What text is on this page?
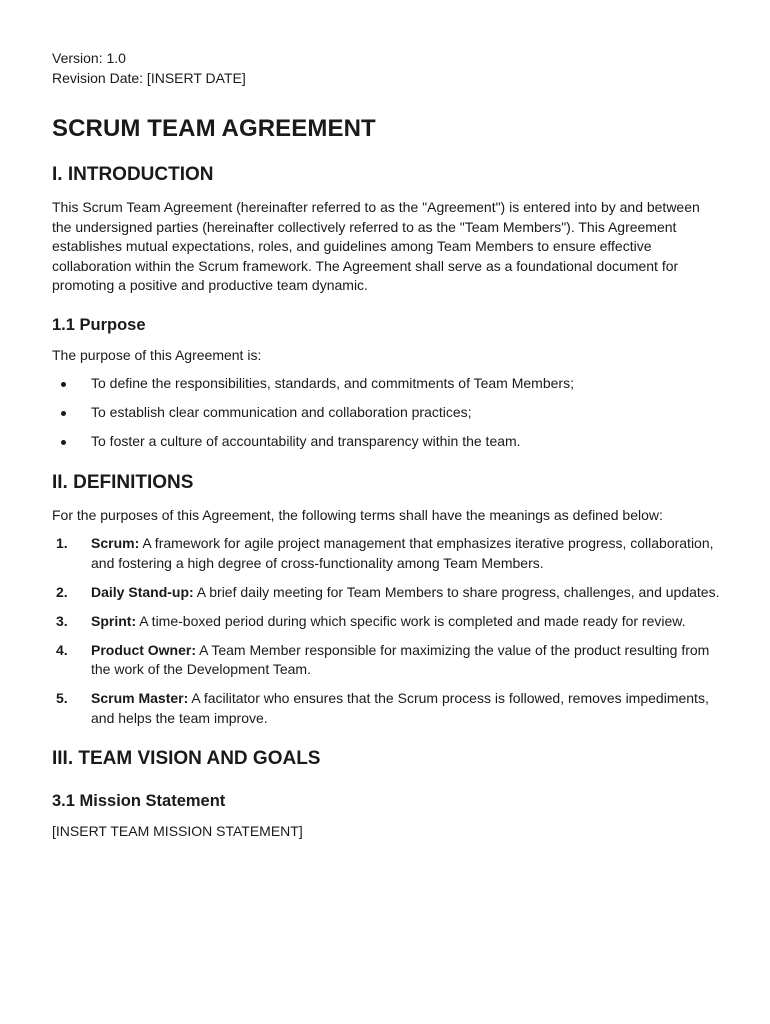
Version: 1.0

Revision Date: [INSERT DATE]

SCRUM TEAM AGREEMENT
I. INTRODUCTION

This Scrum Team Agreement (hereinafter referred to as the "Agreement") is entered into by and between the undersigned parties (hereinafter collectively referred to as the "Team Members"). This Agreement establishes mutual expectations, roles, and guidelines among Team Members to ensure effective collaboration within the Scrum framework. The Agreement shall serve as a foundational document for promoting a positive and productive team dynamic.

1.1 Purpose

The purpose of this Agreement is:

To define the responsibilities, standards, and commitments of Team Members;
To establish clear communication and collaboration practices;
To foster a culture of accountability and transparency within the team.
II. DEFINITIONS

For the purposes of this Agreement, the following terms shall have the meanings as defined below:

1. Scrum: A framework for agile project management that emphasizes iterative progress, collaboration, and fostering a high degree of cross-functionality among Team Members.
2. Daily Stand-up: A brief daily meeting for Team Members to share progress, challenges, and updates.
3. Sprint: A time-boxed period during which specific work is completed and made ready for review.
4. Product Owner: A Team Member responsible for maximizing the value of the product resulting from the work of the Development Team.
5. Scrum Master: A facilitator who ensures that the Scrum process is followed, removes impediments, and helps the team improve.
III. TEAM VISION AND GOALS
3.1 Mission Statement

[INSERT TEAM MISSION STATEMENT]
